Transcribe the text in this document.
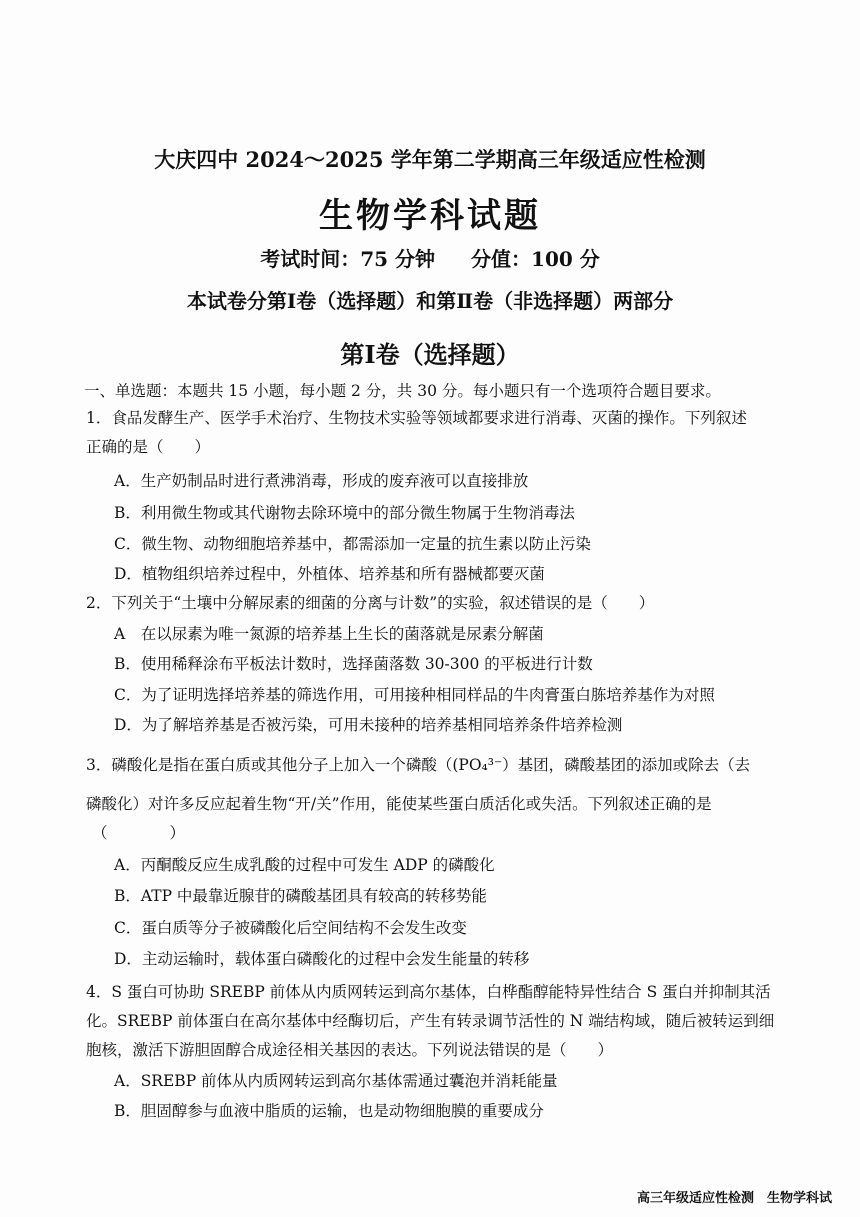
大庆四中 2024～2025 学年第二学期高三年级适应性检测
生物学科试题
考试时间：75 分钟 分值：100 分
本试卷分第Ⅰ卷（选择题）和第Ⅱ卷（非选择题）两部分
第Ⅰ卷（选择题）
一、单选题：本题共 15 小题，每小题 2 分，共 30 分。每小题只有一个选项符合题目要求。
1．食品发酵生产、医学手术治疗、生物技术实验等领域都要求进行消毒、灭菌的操作。下列叙述
正确的是（　　）
A．生产奶制品时进行煮沸消毒，形成的废弃液可以直接排放
B．利用微生物或其代谢物去除环境中的部分微生物属于生物消毒法
C．微生物、动物细胞培养基中，都需添加一定量的抗生素以防止污染
D．植物组织培养过程中，外植体、培养基和所有器械都要灭菌
2．下列关于“土壤中分解尿素的细菌的分离与计数”的实验，叙述错误的是（　　）
A　在以尿素为唯一氮源的培养基上生长的菌落就是尿素分解菌
B．使用稀释涂布平板法计数时，选择菌落数 30-300 的平板进行计数
C．为了证明选择培养基的筛选作用，可用接种相同样品的牛肉膏蛋白胨培养基作为对照
D．为了解培养基是否被污染，可用未接种的培养基相同培养条件培养检测
3．磷酸化是指在蛋白质或其他分子上加入一个磷酸（(PO₄³⁻）基团，磷酸基团的添加或除去（去
磷酸化）对许多反应起着生物“开/关”作用，能使某些蛋白质活化或失活。下列叙述正确的是
（　　　　）
A．丙酮酸反应生成乳酸的过程中可发生 ADP 的磷酸化
B．ATP 中最靠近腺苷的磷酸基团具有较高的转移势能
C．蛋白质等分子被磷酸化后空间结构不会发生改变
D．主动运输时，载体蛋白磷酸化的过程中会发生能量的转移
4．S 蛋白可协助 SREBP 前体从内质网转运到高尔基体，白桦酯醇能特异性结合 S 蛋白并抑制其活
化。SREBP 前体蛋白在高尔基体中经酶切后，产生有转录调节活性的 N 端结构域，随后被转运到细
胞核，激活下游胆固醇合成途径相关基因的表达。下列说法错误的是（　　）
A．SREBP 前体从内质网转运到高尔基体需通过囊泡并消耗能量
B．胆固醇参与血液中脂质的运输，也是动物细胞膜的重要成分
高三年级适应性检测　生物学科试
